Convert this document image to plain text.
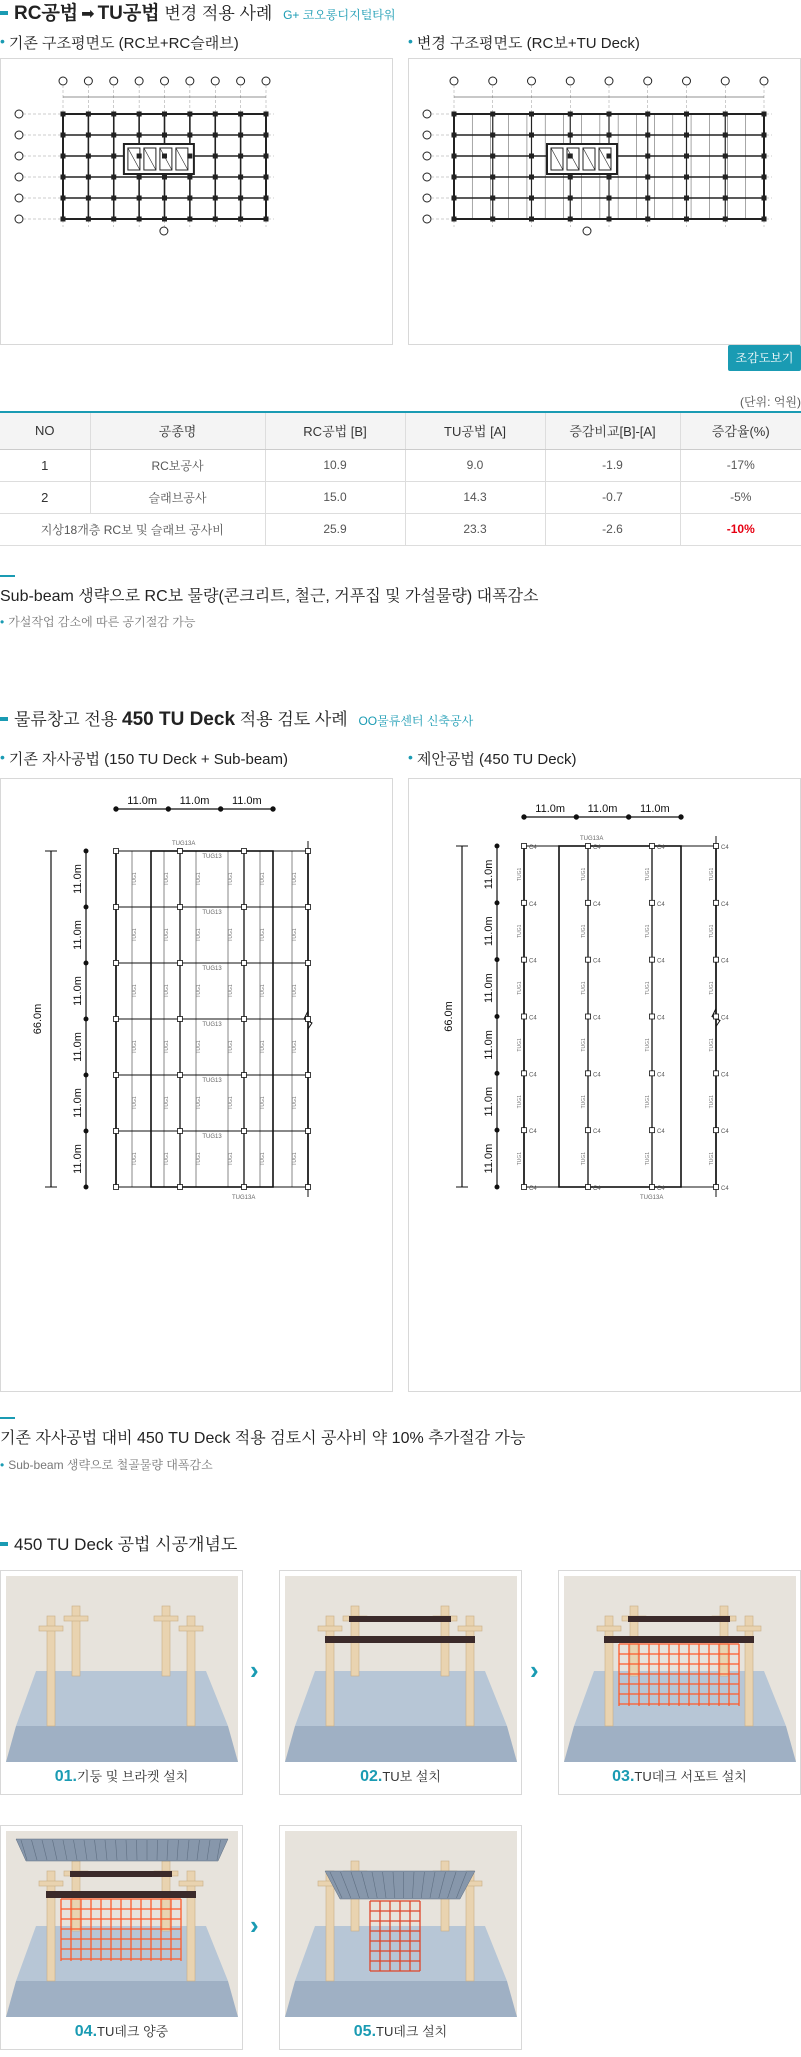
RC공법 ➡ TU공법 변경 적용 사례 G+ 코오롱디지털타워
• 기존 구조평면도 (RC보+RC슬래브)	• 변경 구조평면도 (RC보+TU Deck)
조감도보기
(단위: 억원)
NO	공종명	RC공법 [B]	TU공법 [A]	증감비교[B]-[A]	증감율(%)
1	RC보공사	10.9	9.0	-1.9	-17%
2	슬래브공사	15.0	14.3	-0.7	-5%
지상18개층 RC보 및 슬래브 공사비		25.9	23.3	-2.6	-10%
Sub-beam 생략으로 RC보 물량(콘크리트, 철근, 거푸집 및 가설물량) 대폭감소
• 가설작업 감소에 따른 공기절감 가능
물류창고 전용 450 TU Deck 적용 검토 사례 OO물류센터 신축공사
• 기존 자사공법 (150 TU Deck + Sub-beam)	• 제안공법 (450 TU Deck)
11.0m 11.0m 11.0m
66.0m
11.0m
11.0m
11.0m
11.0m
11.0m
11.0m
TUG13
TUG1	TUG1	TUG1	TUG1	TUG1	TUG1
TUG13
TUG1	TUG1	TUG1	TUG1	TUG1	TUG1
TUG13
TUG1	TUG1	TUG1	TUG1	TUG1	TUG1
TUG13
TUG1	TUG1	TUG1	TUG1	TUG1	TUG1
TUG13
TUG1	TUG1	TUG1	TUG1	TUG1	TUG1
TUG13
TUG1	TUG1	TUG1	TUG1	TUG1	TUG1
TUG13A
TUG13A
11.0m 11.0m 11.0m
66.0m
11.0m
11.0m
11.0m
11.0m
11.0m
11.0m
C4	C4	C4	C4
TUG1	TUG1	TUG1	TUG1
C4	C4	C4	C4
TUG1	TUG1	TUG1	TUG1
C4	C4	C4	C4
TUG1	TUG1	TUG1	TUG1
C4	C4	C4	C4
TUG1	TUG1	TUG1	TUG1
C4	C4	C4	C4
TUG1	TUG1	TUG1	TUG1
C4	C4	C4	C4
TUG1	TUG1	TUG1	TUG1
C4	C4	C4	C4
TUG13A
TUG13A
기존 자사공법 대비 450 TU Deck 적용 검토시 공사비 약 10% 추가절감 가능
• Sub-beam 생략으로 철골물량 대폭감소
450 TU Deck 공법 시공개념도
01.기둥 및 브라켓 설치
›
02.TU보 설치
›
03.TU데크 서포트 설치
04.TU데크 양중
›
05.TU데크 설치
